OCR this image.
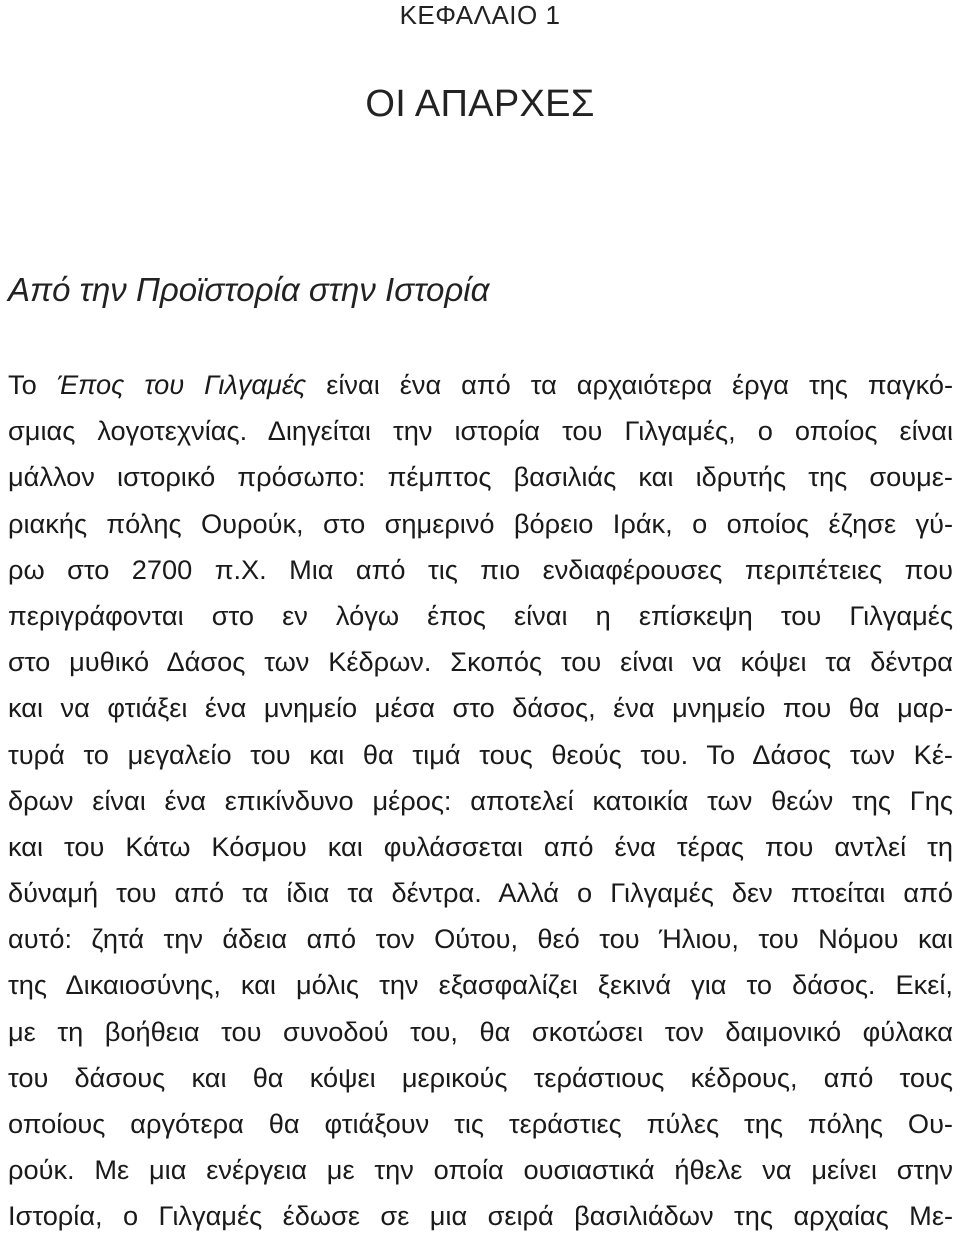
ΚΕΦΑΛΑΙΟ 1
ΟΙ ΑΠΑΡΧΕΣ
Από την Προϊστορία στην Ιστορία
Το Έπος του Γιλγαμές είναι ένα από τα αρχαιότερα έργα της παγκό-
σμιας λογοτεχνίας. Διηγείται την ιστορία του Γιλγαμές, ο οποίος είναι
μάλλον ιστορικό πρόσωπο: πέμπτος βασιλιάς και ιδρυτής της σουμε-
ριακής πόλης Ουρούκ, στο σημερινό βόρειο Ιράκ, ο οποίος έζησε γύ-
ρω στο 2700 π.Χ. Μια από τις πιο ενδιαφέρουσες περιπέτειες που
περιγράφονται στο εν λόγω έπος είναι η επίσκεψη του Γιλγαμές
στο μυθικό Δάσος των Κέδρων. Σκοπός του είναι να κόψει τα δέντρα
και να φτιάξει ένα μνημείο μέσα στο δάσος, ένα μνημείο που θα μαρ-
τυρά το μεγαλείο του και θα τιμά τους θεούς του. Το Δάσος των Κέ-
δρων είναι ένα επικίνδυνο μέρος: αποτελεί κατοικία των θεών της Γης
και του Κάτω Κόσμου και φυλάσσεται από ένα τέρας που αντλεί τη
δύναμή του από τα ίδια τα δέντρα. Αλλά ο Γιλγαμές δεν πτοείται από
αυτό: ζητά την άδεια από τον Ούτου, θεό του Ήλιου, του Νόμου και
της Δικαιοσύνης, και μόλις την εξασφαλίζει ξεκινά για το δάσος. Εκεί,
με τη βοήθεια του συνοδού του, θα σκοτώσει τον δαιμονικό φύλακα
του δάσους και θα κόψει μερικούς τεράστιους κέδρους, από τους
οποίους αργότερα θα φτιάξουν τις τεράστιες πύλες της πόλης Ου-
ρούκ. Με μια ενέργεια με την οποία ουσιαστικά ήθελε να μείνει στην
Ιστορία, ο Γιλγαμές έδωσε σε μια σειρά βασιλιάδων της αρχαίας Με-
